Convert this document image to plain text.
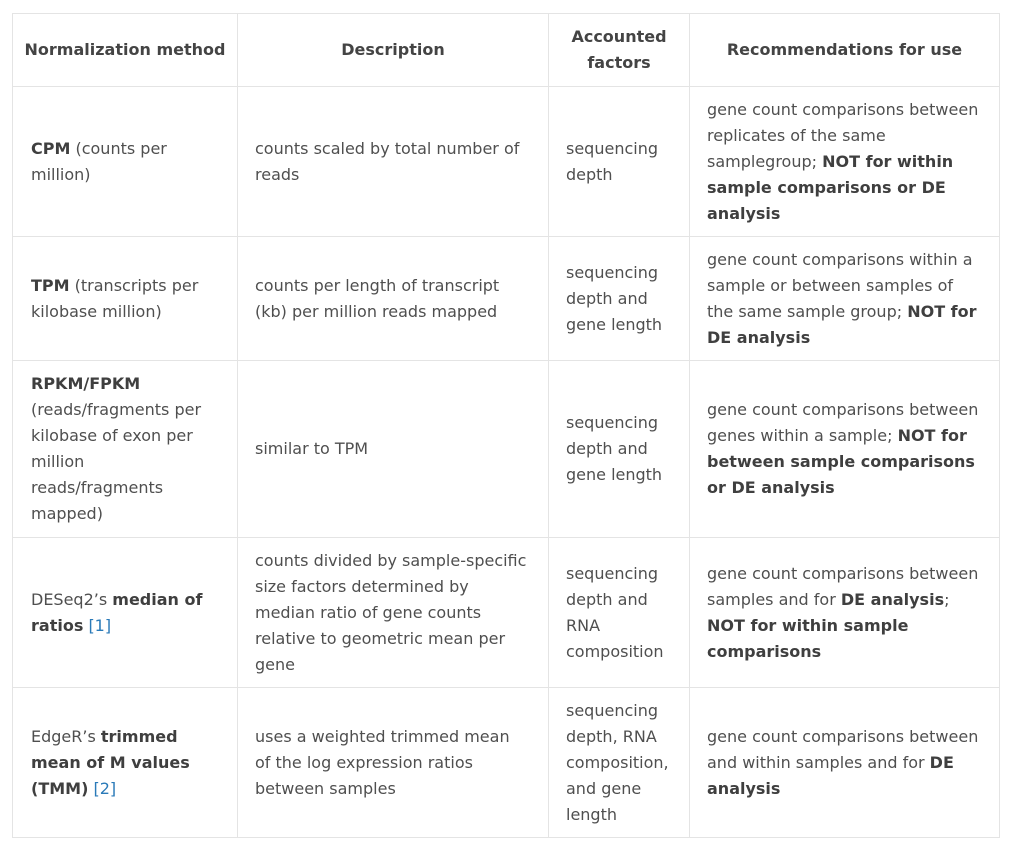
Normalization method	Description	Accounted factors	Recommendations for use
CPM (counts per million)	counts scaled by total number of reads	sequencing depth	gene count comparisons between replicates of the same samplegroup; NOT for within sample comparisons or DE analysis
TPM (transcripts per kilobase million)	counts per length of transcript (kb) per million reads mapped	sequencing depth and gene length	gene count comparisons within a sample or between samples of the same sample group; NOT for DE analysis
RPKM/FPKM (reads/fragments per kilobase of exon per million reads/fragments mapped)	similar to TPM	sequencing depth and gene length	gene count comparisons between genes within a sample; NOT for between sample comparisons or DE analysis
DESeq2’s median of ratios [1]	counts divided by sample-specific size factors determined by median ratio of gene counts relative to geometric mean per gene	sequencing depth and RNA composition	gene count comparisons between samples and for DE analysis; NOT for within sample comparisons
EdgeR’s trimmed mean of M values (TMM) [2]	uses a weighted trimmed mean of the log expression ratios between samples	sequencing depth, RNA composition, and gene length	gene count comparisons between and within samples and for DE analysis
